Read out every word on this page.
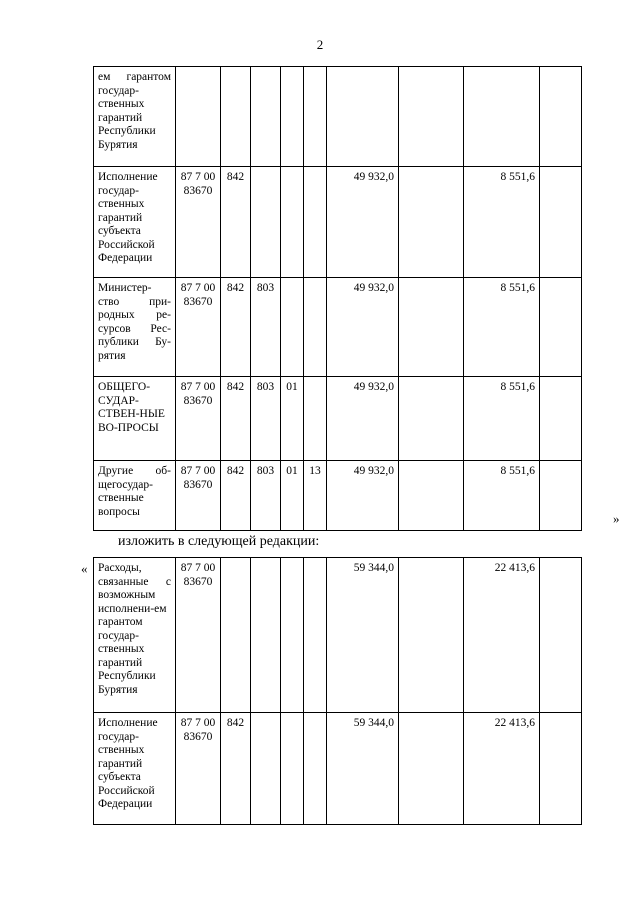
2
ем гарантом государ-ственных гарантий Республики Бурятия									
Исполнение государ-ственных гарантий субъекта Российской Федерации	87 7 00 83670	842				49 932,0		8 551,6	
Министер-ство при-родных ре-сурсов Рес-публики Бу-рятия	87 7 00 83670	842	803			49 932,0		8 551,6	
ОБЩЕГО-СУДАР-СТВЕН-НЫЕ ВО-ПРОСЫ	87 7 00 83670	842	803	01		49 932,0		8 551,6	
Другие об-щегосудар-ственные вопросы	87 7 00 83670	842	803	01	13	49 932,0		8 551,6	
»
изложить в следующей редакции:
« Расходы, связанные с возможным исполнени-ем гарантом государ-ственных гарантий Республики Бурятия	87 7 00 83670					59 344,0		22 413,6	
Исполнение государ-ственных гарантий субъекта Российской Федерации	87 7 00 83670	842				59 344,0		22 413,6	
